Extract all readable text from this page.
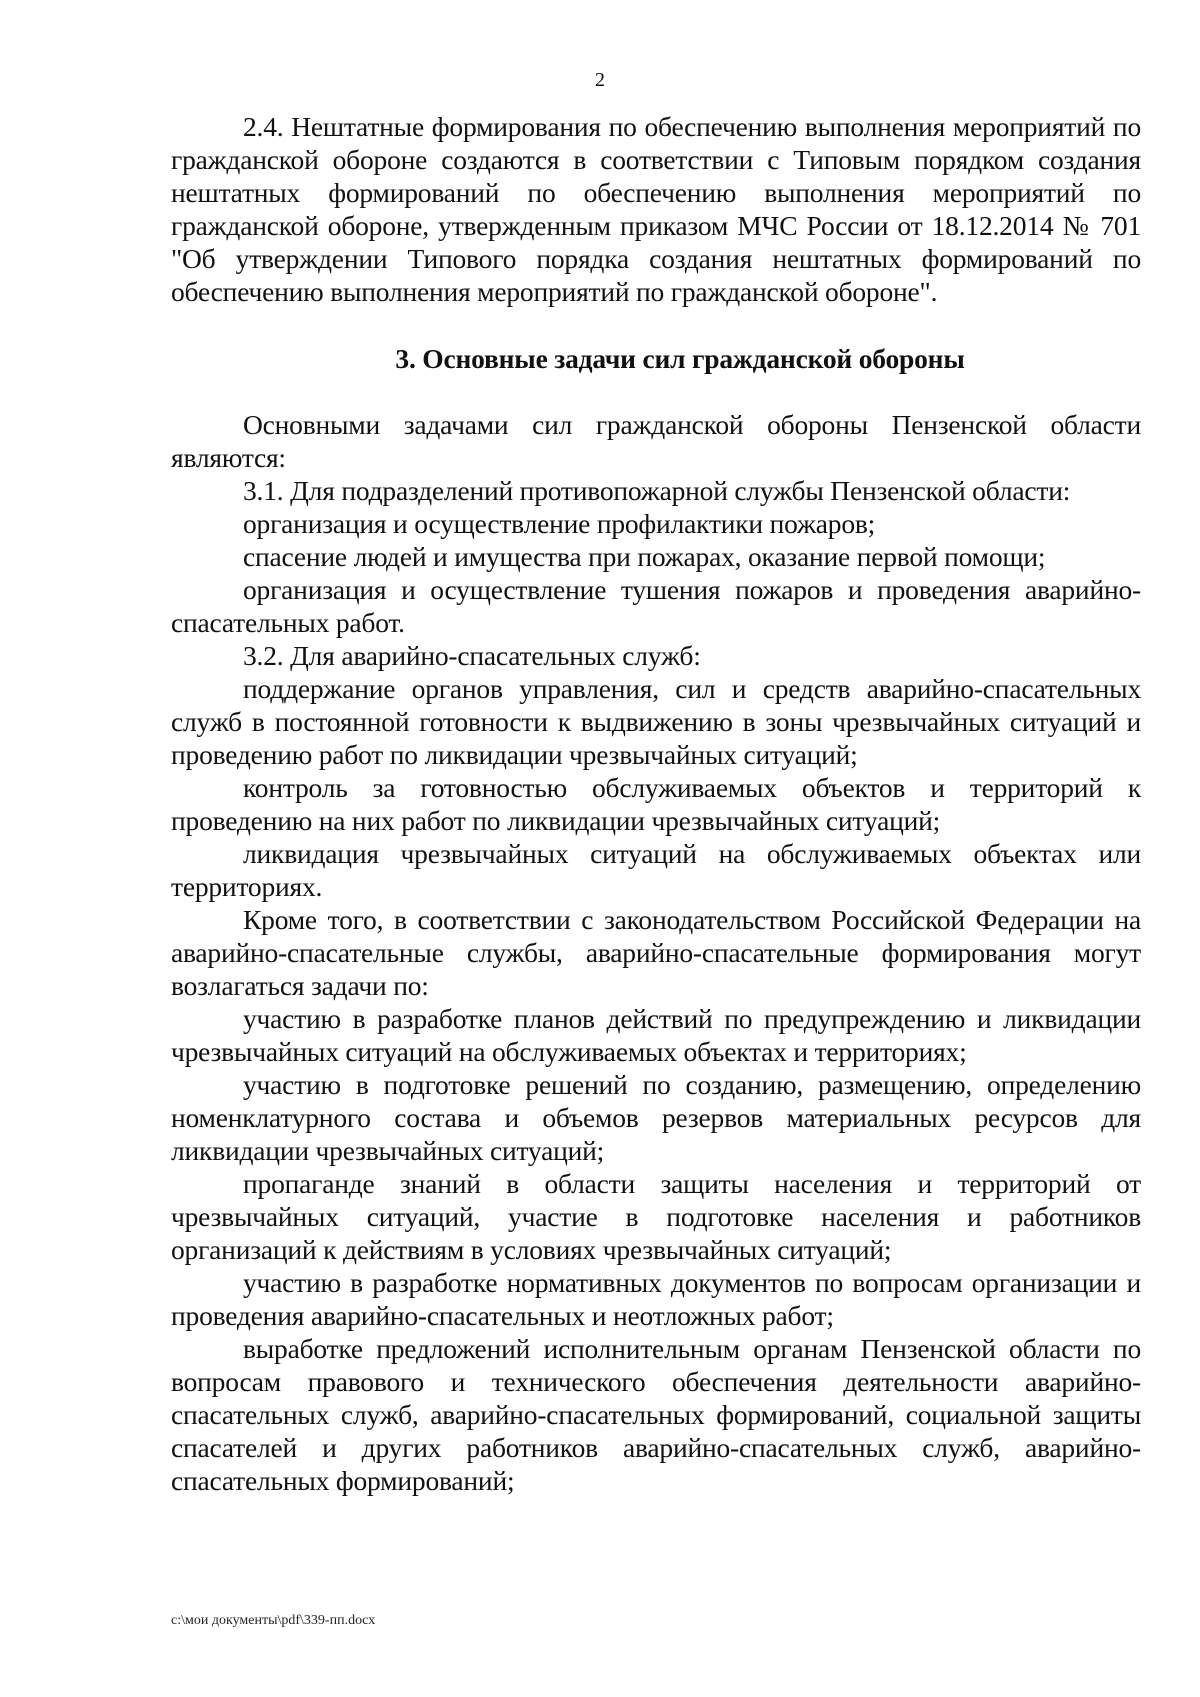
2

2.4. Нештатные формирования по обеспечению выполнения мероприятий по гражданской обороне создаются в соответствии с Типовым порядком создания нештатных формирований по обеспечению выполнения мероприятий по гражданской обороне, утвержденным приказом МЧС России от 18.12.2014 № 701 "Об утверждении Типового порядка создания нештатных формирований по обеспечению выполнения мероприятий по гражданской обороне".

3. Основные задачи сил гражданской обороны

Основными задачами сил гражданской обороны Пензенской области являются:

3.1. Для подразделений противопожарной службы Пензенской области:

организация и осуществление профилактики пожаров;

спасение людей и имущества при пожарах, оказание первой помощи;

организация и осуществление тушения пожаров и проведения аварийно-спасательных работ.

3.2. Для аварийно-спасательных служб:

поддержание органов управления, сил и средств аварийно-спасательных служб в постоянной готовности к выдвижению в зоны чрезвычайных ситуаций и проведению работ по ликвидации чрезвычайных ситуаций;

контроль за готовностью обслуживаемых объектов и территорий к проведению на них работ по ликвидации чрезвычайных ситуаций;

ликвидация чрезвычайных ситуаций на обслуживаемых объектах или территориях.

Кроме того, в соответствии с законодательством Российской Федерации на аварийно-спасательные службы, аварийно-спасательные формирования могут возлагаться задачи по:

участию в разработке планов действий по предупреждению и ликвидации чрезвычайных ситуаций на обслуживаемых объектах и территориях;

участию в подготовке решений по созданию, размещению, определению номенклатурного состава и объемов резервов материальных ресурсов для ликвидации чрезвычайных ситуаций;

пропаганде знаний в области защиты населения и территорий от чрезвычайных ситуаций, участие в подготовке населения и работников организаций к действиям в условиях чрезвычайных ситуаций;

участию в разработке нормативных документов по вопросам организации и проведения аварийно-спасательных и неотложных работ;

выработке предложений исполнительным органам Пензенской области по вопросам правового и технического обеспечения деятельности аварийно-спасательных служб, аварийно-спасательных формирований, социальной защиты спасателей и других работников аварийно-спасательных служб, аварийно-спасательных формирований;

c:\мои документы\pdf\339-пп.docx
